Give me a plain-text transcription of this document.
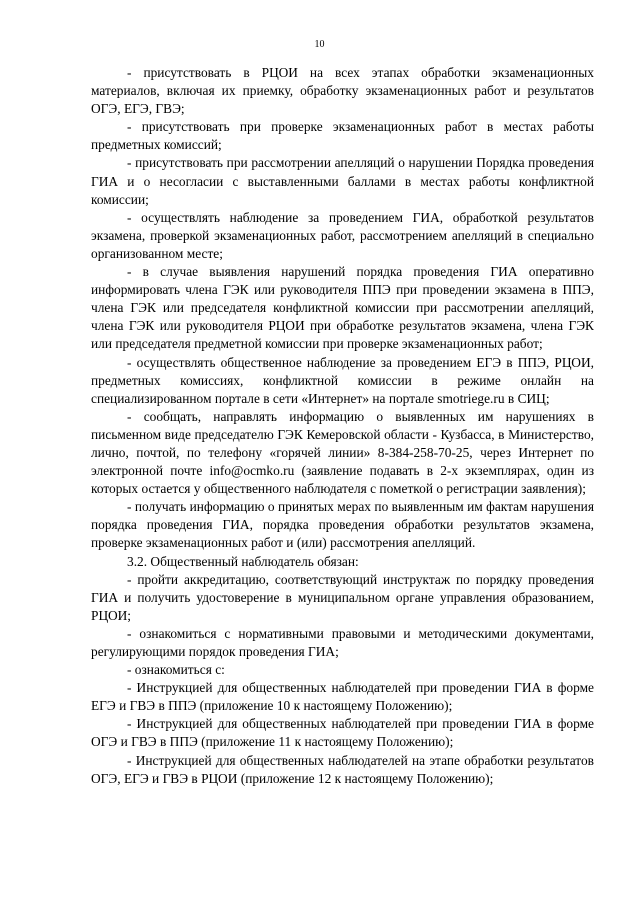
10

- присутствовать в РЦОИ на всех этапах обработки экзаменационных материалов, включая их приемку, обработку экзаменационных работ и результатов ОГЭ, ЕГЭ, ГВЭ;

- присутствовать при проверке экзаменационных работ в местах работы предметных комиссий;

- присутствовать при рассмотрении апелляций о нарушении Порядка проведения ГИА и о несогласии с выставленными баллами в местах работы конфликтной комиссии;

- осуществлять наблюдение за проведением ГИА, обработкой результатов экзамена, проверкой экзаменационных работ, рассмотрением апелляций в специально организованном месте;

- в случае выявления нарушений порядка проведения ГИА оперативно информировать члена ГЭК или руководителя ППЭ при проведении экзамена в ППЭ, члена ГЭК или председателя конфликтной комиссии при рассмотрении апелляций, члена ГЭК или руководителя РЦОИ при обработке результатов экзамена, члена ГЭК или председателя предметной комиссии при проверке экзаменационных работ;

- осуществлять общественное наблюдение за проведением ЕГЭ в ППЭ, РЦОИ, предметных комиссиях, конфликтной комиссии в режиме онлайн на специализированном портале в сети «Интернет» на портале smotriege.ru в СИЦ;

- сообщать, направлять информацию о выявленных им нарушениях в письменном виде председателю ГЭК Кемеровской области - Кузбасса, в Министерство, лично, почтой, по телефону «горячей линии» 8-384-258-70-25, через Интернет по электронной почте info@ocmko.ru (заявление подавать в 2-х экземплярах, один из которых остается у общественного наблюдателя с пометкой о регистрации заявления);

- получать информацию о принятых мерах по выявленным им фактам нарушения порядка проведения ГИА, порядка проведения обработки результатов экзамена, проверке экзаменационных работ и (или) рассмотрения апелляций.

3.2. Общественный наблюдатель обязан:

- пройти аккредитацию, соответствующий инструктаж по порядку проведения ГИА и получить удостоверение в муниципальном органе управления образованием, РЦОИ;

- ознакомиться с нормативными правовыми и методическими документами, регулирующими порядок проведения ГИА;

- ознакомиться с:

- Инструкцией для общественных наблюдателей при проведении ГИА в форме ЕГЭ и ГВЭ в ППЭ (приложение 10 к настоящему Положению);

- Инструкцией для общественных наблюдателей при проведении ГИА в форме ОГЭ и ГВЭ в ППЭ (приложение 11 к настоящему Положению);

- Инструкцией для общественных наблюдателей на этапе обработки результатов ОГЭ, ЕГЭ и ГВЭ в РЦОИ (приложение 12 к настоящему Положению);
